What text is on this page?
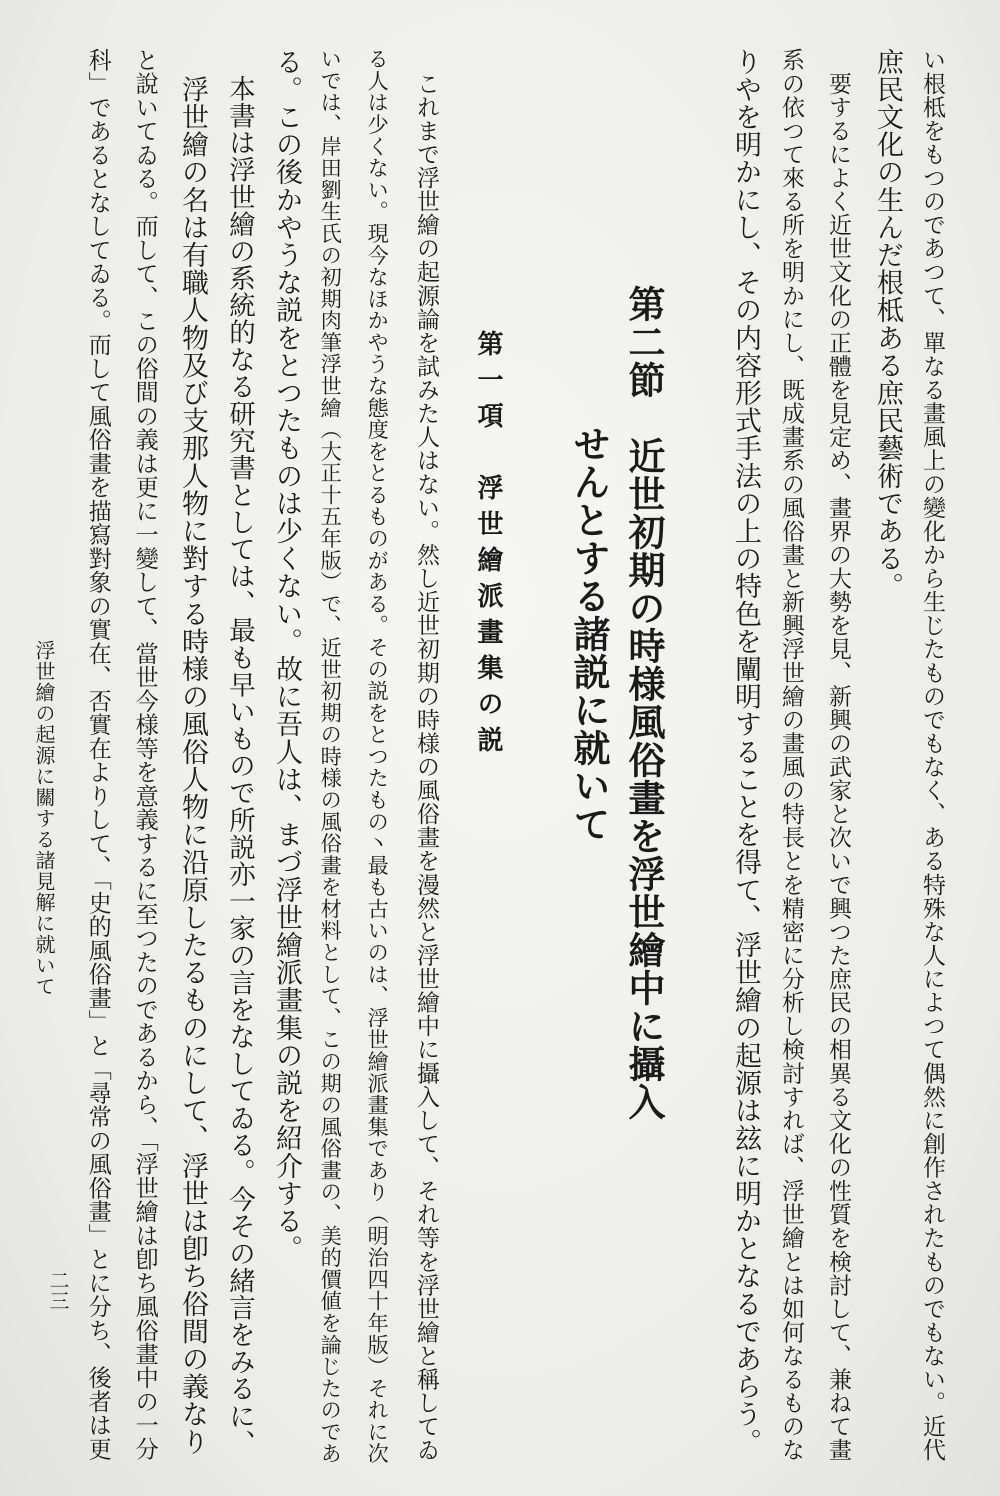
い根柢をもつのであつて、單なる畫風上の變化から生じたものでもなく、ある特殊な人によつて偶然に創作されたものでもない。近代
庶民文化の生んだ根柢ある庶民藝術である。
　要するによく近世文化の正體を見定め、畫界の大勢を見、新興の武家と次いで興つた庶民の相異る文化の性質を検討して、兼ねて畫
系の依つて來る所を明かにし、既成畫系の風俗畫と新興浮世繪の畫風の特長とを精密に分析し検討すれば、浮世繪とは如何なるものな
りやを明かにし、その内容形式手法の上の特色を闡明することを得て、浮世繪の起源は玆に明かとなるであらう。
第二節　近世初期の時様風俗畫を浮世繪中に攝入
せんとする諸説に就いて
第一項　浮世繪派畫集の説
　これまで浮世繪の起源論を試みた人はない。然し近世初期の時様の風俗畫を漫然と浮世繪中に攝入して、それ等を浮世繪と稱してゐ
る人は少くない。現今なほかやうな態度をとるものがある。その説をとつたもの丶最も古いのは、浮世繪派畫集であり（明治四十年版）それに次
いでは、岸田劉生氏の初期肉筆浮世繪（大正十五年版）で、近世初期の時様の風俗畫を材料として、この期の風俗畫の、美的價値を論じたのであ
る。この後かやうな説をとつたものは少くない。故に吾人は、まづ浮世繪派畫集の説を紹介する。
　本書は浮世繪の系統的なる研究書としては、最も早いもので所説亦一家の言をなしてゐる。今その緒言をみるに、
　浮世繪の名は有職人物及び支那人物に對する時様の風俗人物に沿原したるものにして、浮世は卽ち俗間の義なり
と說いてゐる。而して、この俗間の義は更に一變して、當世今様等を意義するに至つたのであるから、「浮世繪は卽ち風俗畫中の一分
科」であるとなしてゐる。而して風俗畫を描寫對象の實在、否實在よりして、「史的風俗畫」と「尋常の風俗畫」とに分ち、後者は更
浮世繪の起源に關する諸見解に就いて
二三
